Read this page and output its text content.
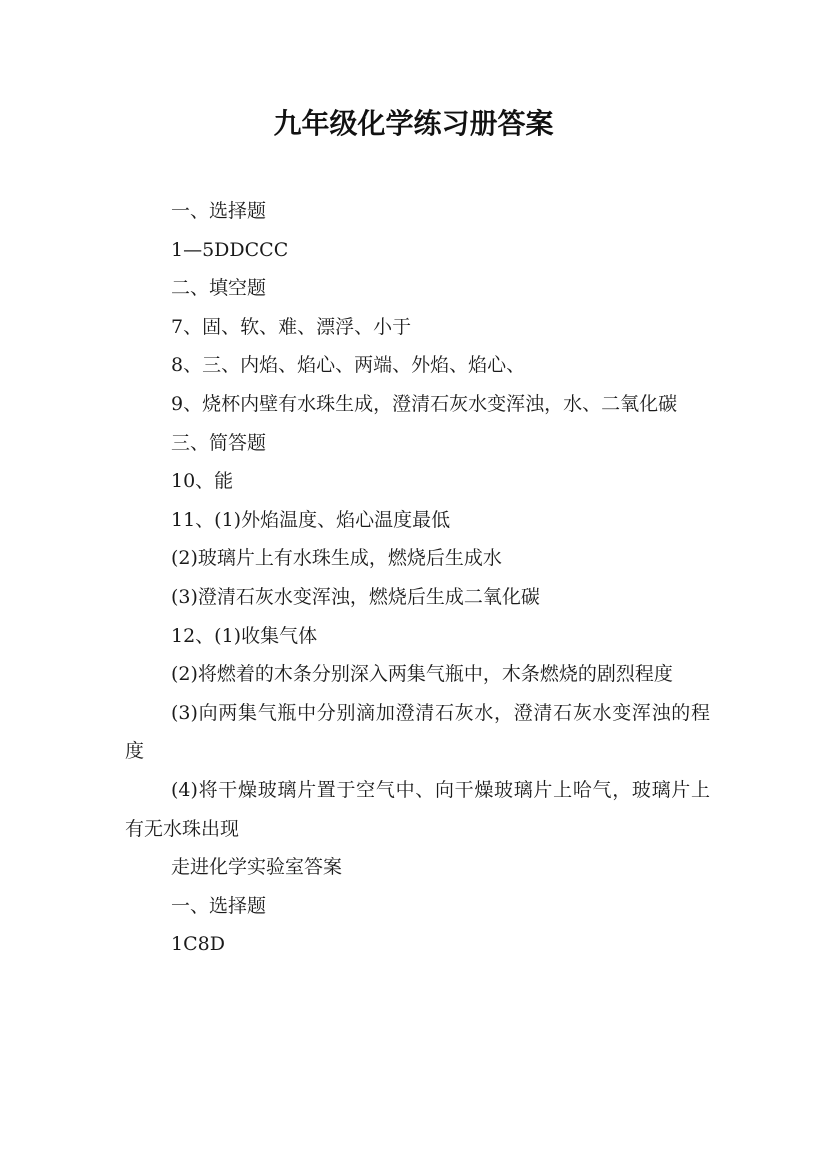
九年级化学练习册答案

一、选择题

1—5DDCCC

二、填空题

7、固、软、难、漂浮、小于

8、三、内焰、焰心、两端、外焰、焰心、

9、烧杯内壁有水珠生成，澄清石灰水变浑浊，水、二氧化碳

三、简答题

10、能

11、(1)外焰温度、焰心温度最低

(2)玻璃片上有水珠生成，燃烧后生成水

(3)澄清石灰水变浑浊，燃烧后生成二氧化碳

12、(1)收集气体

(2)将燃着的木条分别深入两集气瓶中，木条燃烧的剧烈程度

(3)向两集气瓶中分别滴加澄清石灰水，澄清石灰水变浑浊的程度

(4)将干燥玻璃片置于空气中、向干燥玻璃片上哈气，玻璃片上有无水珠出现

走进化学实验室答案

一、选择题

1C8D
